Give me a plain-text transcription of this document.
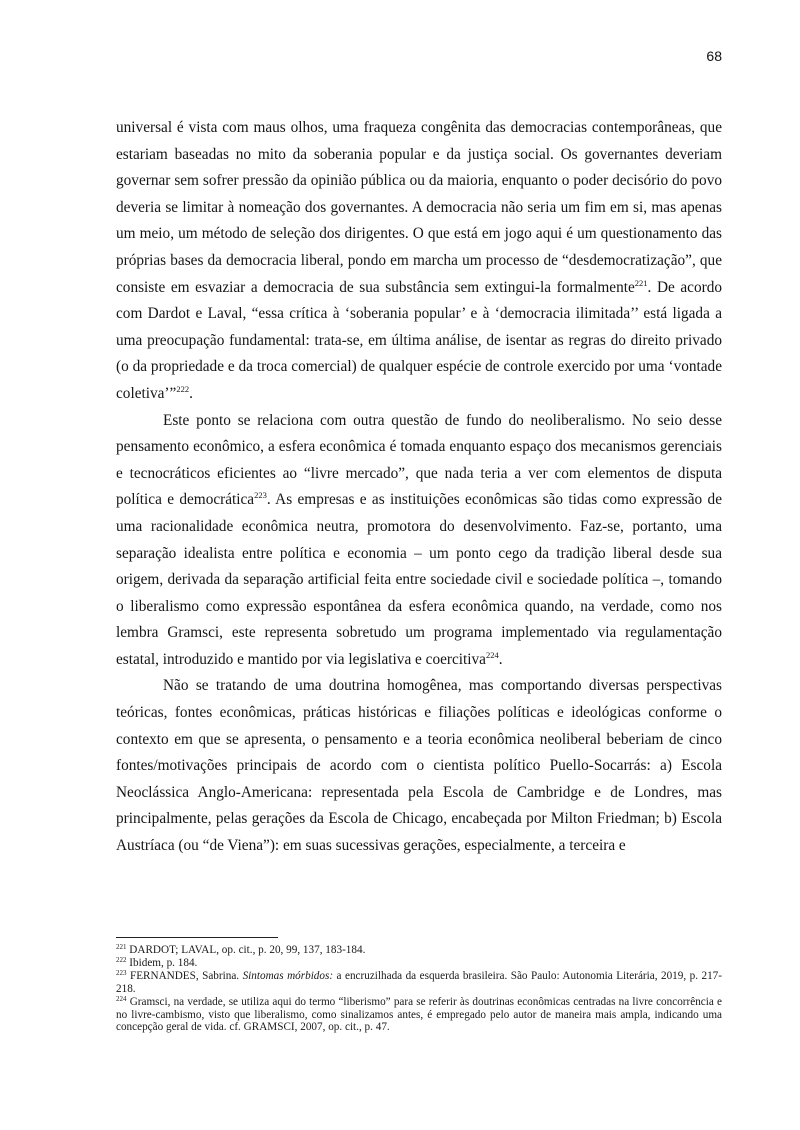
68

universal é vista com maus olhos, uma fraqueza congênita das democracias contemporâneas, que estariam baseadas no mito da soberania popular e da justiça social. Os governantes deveriam governar sem sofrer pressão da opinião pública ou da maioria, enquanto o poder decisório do povo deveria se limitar à nomeação dos governantes. A democracia não seria um fim em si, mas apenas um meio, um método de seleção dos dirigentes. O que está em jogo aqui é um questionamento das próprias bases da democracia liberal, pondo em marcha um processo de “desdemocratização”, que consiste em esvaziar a democracia de sua substância sem extingui-la formalmente$^{221}$. De acordo com Dardot e Laval, “essa crítica à ‘soberania popular’ e à ‘democracia ilimitada’’ está ligada a uma preocupação fundamental: trata-se, em última análise, de isentar as regras do direito privado (o da propriedade e da troca comercial) de qualquer espécie de controle exercido por uma ‘vontade coletiva’”$^{222}$.

Este ponto se relaciona com outra questão de fundo do neoliberalismo. No seio desse pensamento econômico, a esfera econômica é tomada enquanto espaço dos mecanismos gerenciais e tecnocráticos eficientes ao “livre mercado”, que nada teria a ver com elementos de disputa política e democrática$^{223}$. As empresas e as instituições econômicas são tidas como expressão de uma racionalidade econômica neutra, promotora do desenvolvimento. Faz-se, portanto, uma separação idealista entre política e economia – um ponto cego da tradição liberal desde sua origem, derivada da separação artificial feita entre sociedade civil e sociedade política –, tomando o liberalismo como expressão espontânea da esfera econômica quando, na verdade, como nos lembra Gramsci, este representa sobretudo um programa implementado via regulamentação estatal, introduzido e mantido por via legislativa e coercitiva$^{224}$.

Não se tratando de uma doutrina homogênea, mas comportando diversas perspectivas teóricas, fontes econômicas, práticas históricas e filiações políticas e ideológicas conforme o contexto em que se apresenta, o pensamento e a teoria econômica neoliberal beberiam de cinco fontes/motivações principais de acordo com o cientista político Puello-Socarrás: a) Escola Neoclássica Anglo-Americana: representada pela Escola de Cambridge e de Londres, mas principalmente, pelas gerações da Escola de Chicago, encabeçada por Milton Friedman; b) Escola Austríaca (ou “de Viena”): em suas sucessivas gerações, especialmente, a terceira e

$^{221}$ DARDOT; LAVAL, op. cit., p. 20, 99, 137, 183-184.

$^{222}$ Ibidem, p. 184.

$^{223}$ FERNANDES, Sabrina. Sintomas mórbidos: a encruzilhada da esquerda brasileira. São Paulo: Autonomia Literária, 2019, p. 217-218.

$^{224}$ Gramsci, na verdade, se utiliza aqui do termo “liberismo” para se referir às doutrinas econômicas centradas na livre concorrência e no livre-cambismo, visto que liberalismo, como sinalizamos antes, é empregado pelo autor de maneira mais ampla, indicando uma concepção geral de vida. cf. GRAMSCI, 2007, op. cit., p. 47.
